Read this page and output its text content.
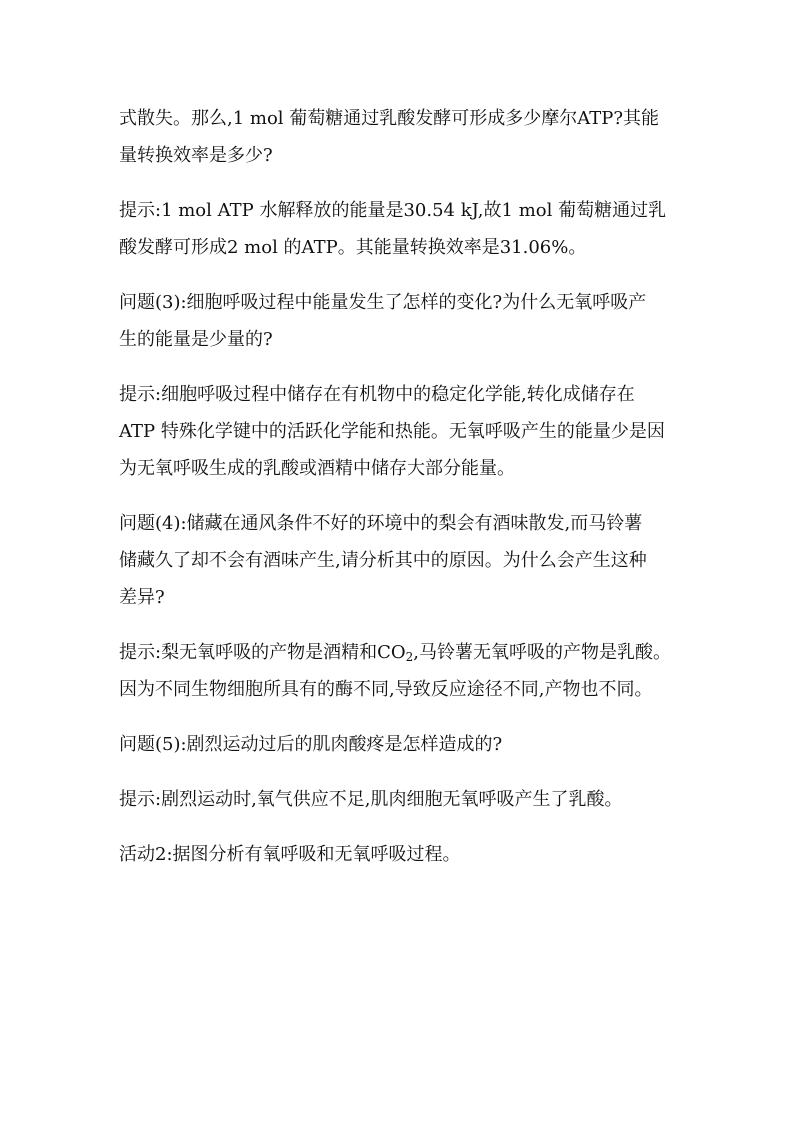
式散失。那么,1 mol 葡萄糖通过乳酸发酵可形成多少摩尔ATP?其能
量转换效率是多少?

提示:1 mol ATP 水解释放的能量是30.54 kJ,故1 mol 葡萄糖通过乳
酸发酵可形成2 mol 的ATP。其能量转换效率是31.06%。

问题(3):细胞呼吸过程中能量发生了怎样的变化?为什么无氧呼吸产
生的能量是少量的?

提示:细胞呼吸过程中储存在有机物中的稳定化学能,转化成储存在
ATP 特殊化学键中的活跃化学能和热能。无氧呼吸产生的能量少是因
为无氧呼吸生成的乳酸或酒精中储存大部分能量。

问题(4):储藏在通风条件不好的环境中的梨会有酒味散发,而马铃薯
储藏久了却不会有酒味产生,请分析其中的原因。为什么会产生这种
差异?

提示:梨无氧呼吸的产物是酒精和$CO_2$,马铃薯无氧呼吸的产物是乳酸。
因为不同生物细胞所具有的酶不同,导致反应途径不同,产物也不同。

问题(5):剧烈运动过后的肌肉酸疼是怎样造成的?

提示:剧烈运动时,氧气供应不足,肌肉细胞无氧呼吸产生了乳酸。

活动2:据图分析有氧呼吸和无氧呼吸过程。
